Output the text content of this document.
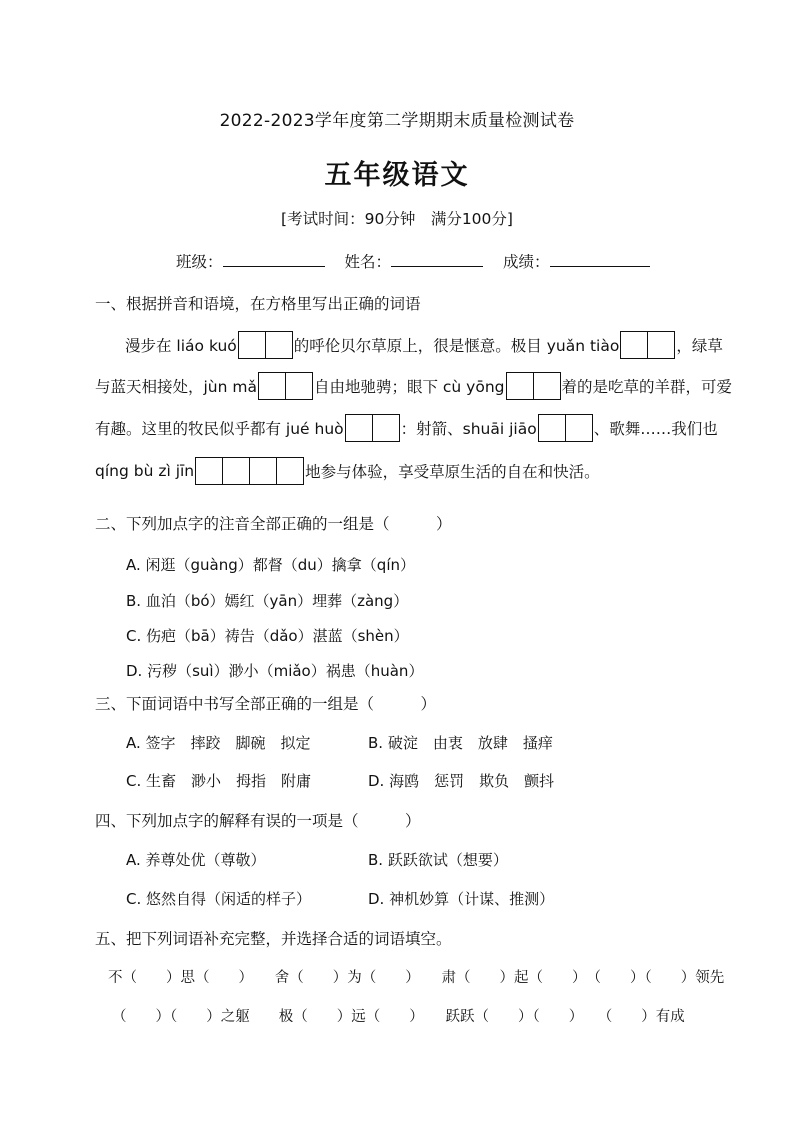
2022-2023学年度第二学期期末质量检测试卷
五年级语文
[考试时间：90分钟　满分100分]
班级：	姓名：	成绩：
一、根据拼音和语境，在方格里写出正确的词语
漫步在 liáo kuó	的呼伦贝尔草原上，很是惬意。极目 yuǎn tiào	，绿草
与蓝天相接处，jùn mǎ	自由地驰骋；眼下 cù yōng	着的是吃草的羊群，可爱
有趣。这里的牧民似乎都有 jué huò	：射箭、shuāi jiāo	、歌舞……我们也
qíng bù zì jīn	地参与体验，享受草原生活的自在和快活。
二、下列加点字的注音全部正确的一组是（　　　）
A. 闲逛（guàng）都督（du）擒拿（qín）
B. 血泊（bó）嫣红（yān）埋葬（zàng）
C. 伤疤（bā）祷告（dǎo）湛蓝（shèn）
D. 污秽（suì）渺小（miǎo）祸患（huàn）
三、下面词语中书写全部正确的一组是（　　　）
A. 签字　摔跤　脚碗　拟定	B. 破淀　由衷　放肆　搔痒
C. 生畜　渺小　拇指　附庸	D. 海鸥　惩罚　欺负　颤抖
四、下列加点字的解释有误的一项是（　　　）
A. 养尊处优（尊敬）	B. 跃跃欲试（想要）
C. 悠然自得（闲适的样子）	D. 神机妙算（计谋、推测）
五、把下列词语补充完整，并选择合适的词语填空。
不（　　）思（　　）　　舍（　　）为（　　）　　肃（　　）起（　　）　（　　）（　　）领先
（　　）（　　）之躯　　极（　　）远（　　）　　跃跃（　　）（　　）　　（　　）有成
